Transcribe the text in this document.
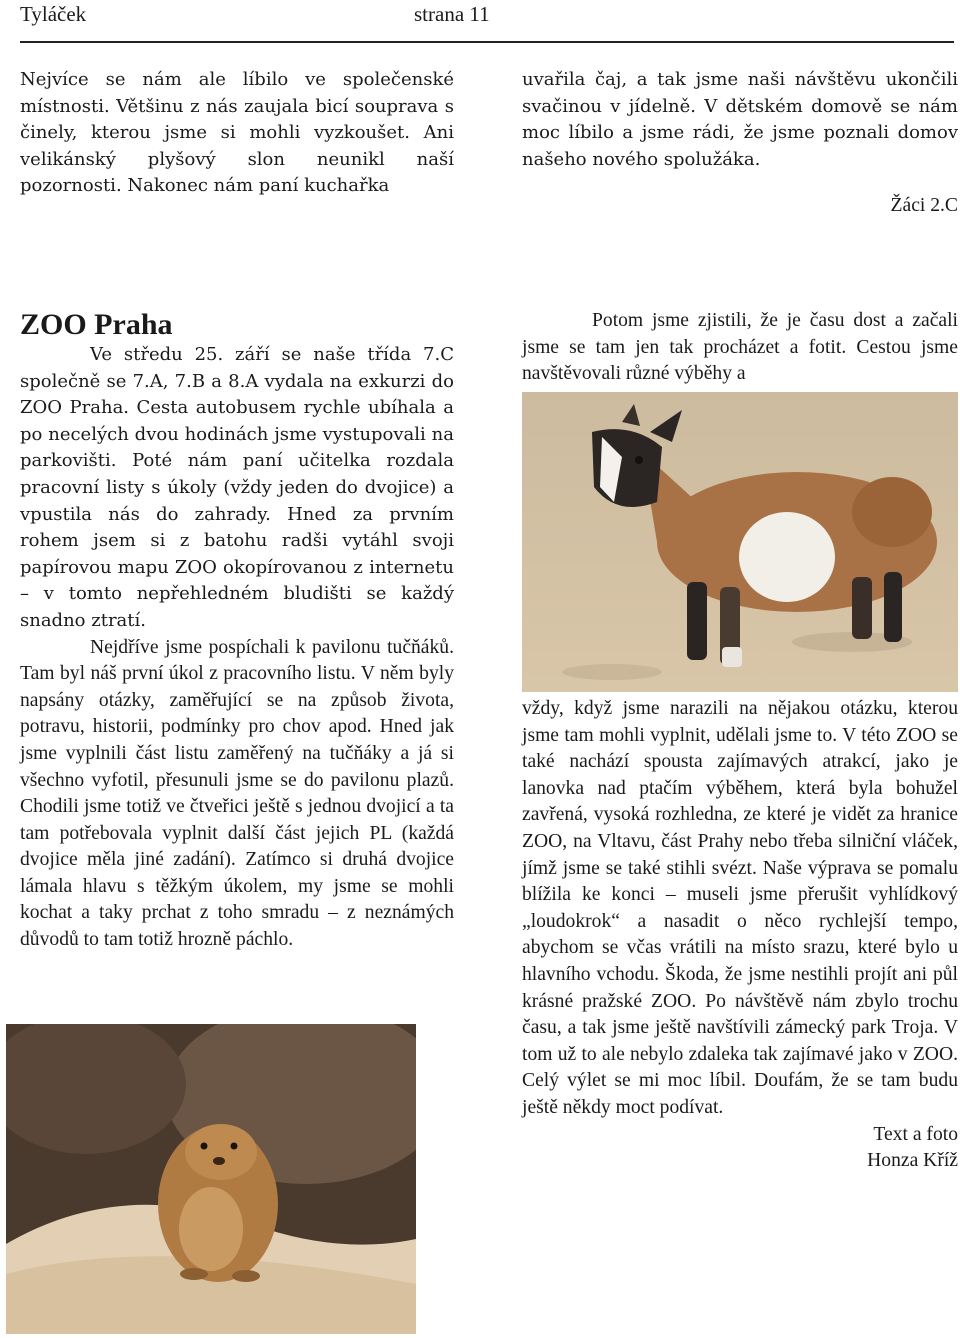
Tyláček	strana 11

Nejvíce se nám ale líbilo ve společenské místnosti. Většinu z nás zaujala bicí souprava s činely, kterou jsme si mohli vyzkoušet. Ani velikánský plyšový slon neunikl naší pozornosti. Nakonec nám paní kuchařka

uvařila čaj, a tak jsme naši návštěvu ukončili svačinou v jídelně. V dětském domově se nám moc líbilo a jsme rádi, že jsme poznali domov našeho nového spolužáka.

Žáci 2.C
ZOO Praha

Ve středu 25. září se naše třída 7.C společně se 7.A, 7.B a 8.A vydala na exkurzi do ZOO Praha. Cesta autobusem rychle ubíhala a po necelých dvou hodinách jsme vystupovali na parkovišti. Poté nám paní učitelka rozdala pracovní listy s úkoly (vždy jeden do dvojice) a vpustila nás do zahrady. Hned za prvním rohem jsem si z batohu radši vytáhl svoji papírovou mapu ZOO okopírovanou z internetu – v tomto nepřehledném bludišti se každý snadno ztratí.

Nejdříve jsme pospíchali k pavilonu tučňáků. Tam byl náš první úkol z pracovního listu. V něm byly napsány otázky, zaměřující se na způsob života, potravu, historii, podmínky pro chov apod. Hned jak jsme vyplnili část listu zaměřený na tučňáky a já si všechno vyfotil, přesunuli jsme se do pavilonu plazů. Chodili jsme totiž ve čtveřici ještě s jednou dvojicí a ta tam potřebovala vyplnit další část jejich PL (každá dvojice měla jiné zadání). Zatímco si druhá dvojice lámala hlavu s těžkým úkolem, my jsme se mohli kochat a taky prchat z toho smradu – z neznámých důvodů to tam totiž hrozně páchlo.

Potom jsme zjistili, že je času dost a začali jsme se tam jen tak procházet a fotit. Cestou jsme navštěvovali různé výběhy a

vždy, když jsme narazili na nějakou otázku, kterou jsme tam mohli vyplnit, udělali jsme to. V této ZOO se také nachází spousta zajímavých atrakcí, jako je lanovka nad ptačím výběhem, která byla bohužel zavřená, vysoká rozhledna, ze které je vidět za hranice ZOO, na Vltavu, část Prahy nebo třeba silniční vláček, jímž jsme se také stihli svézt. Naše výprava se pomalu blížila ke konci – museli jsme přerušit vyhlídkový „loudokrok“ a nasadit o něco rychlejší tempo, abychom se včas vrátili na místo srazu, které bylo u hlavního vchodu. Škoda, že jsme nestihli projít ani půl krásné pražské ZOO. Po návštěvě nám zbylo trochu času, a tak jsme ještě navštívili zámecký park Troja. V tom už to ale nebylo zdaleka tak zajímavé jako v ZOO. Celý výlet se mi moc líbil. Doufám, že se tam budu ještě někdy moct podívat.

Text a foto
Honza Kříž
